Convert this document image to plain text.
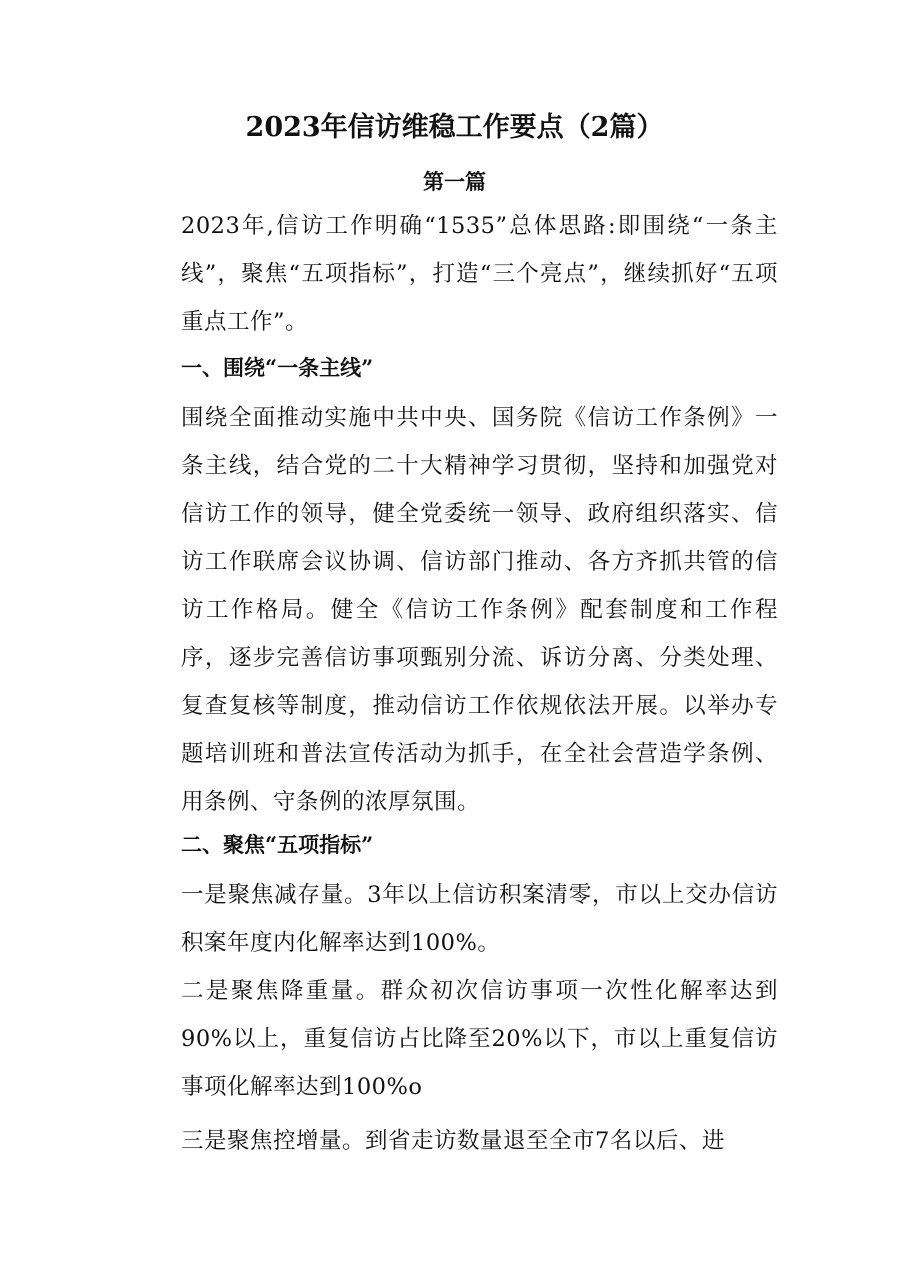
2023年信访维稳工作要点（2篇）
第一篇
2023年,信访工作明确“1535”总体思路:即围绕“一条主线”，聚焦“五项指标”，打造“三个亮点”，继续抓好“五项重点工作”。
一、围绕“一条主线”
围绕全面推动实施中共中央、国务院《信访工作条例》一条主线，结合党的二十大精神学习贯彻，坚持和加强党对信访工作的领导，健全党委统一领导、政府组织落实、信访工作联席会议协调、信访部门推动、各方齐抓共管的信访工作格局。健全《信访工作条例》配套制度和工作程序，逐步完善信访事项甄别分流、诉访分离、分类处理、复查复核等制度，推动信访工作依规依法开展。以举办专题培训班和普法宣传活动为抓手，在全社会营造学条例、用条例、守条例的浓厚氛围。
二、聚焦“五项指标”
一是聚焦减存量。3年以上信访积案清零，市以上交办信访积案年度内化解率达到100%。
二是聚焦降重量。群众初次信访事项一次性化解率达到90%以上，重复信访占比降至20%以下，市以上重复信访事项化解率达到100%o
三是聚焦控增量。到省走访数量退至全市7名以后、进
